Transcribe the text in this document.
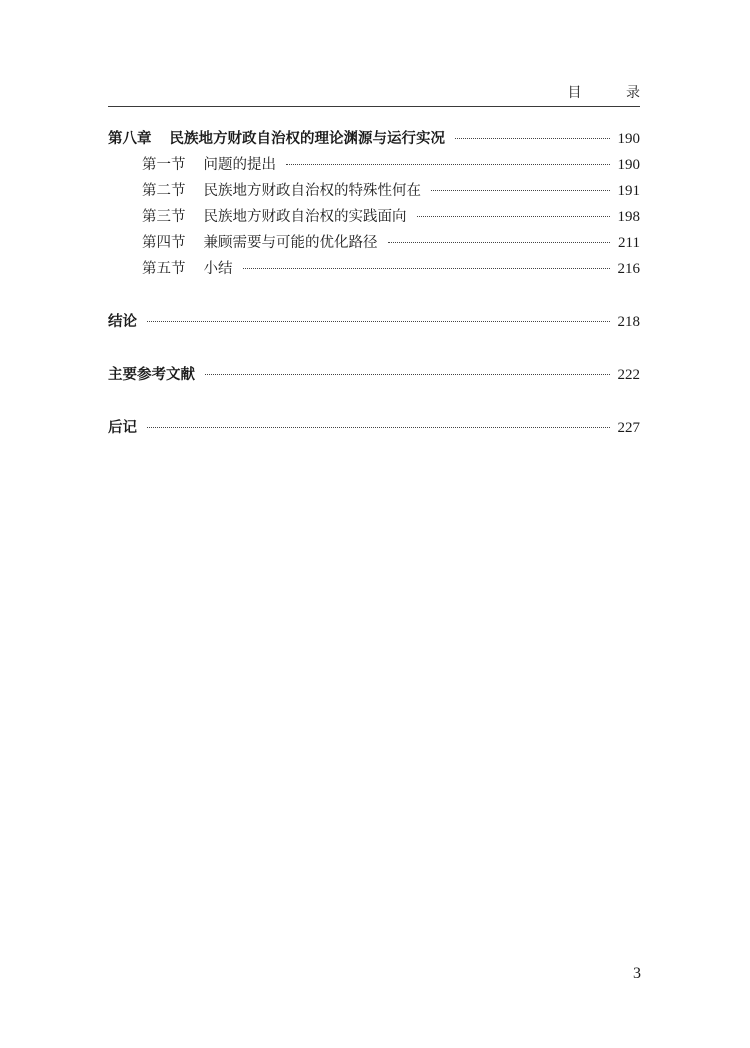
目 录
第八章 民族地方财政自治权的理论渊源与运行实况	190
第一节 问题的提出	190
第二节 民族地方财政自治权的特殊性何在	191
第三节 民族地方财政自治权的实践面向	198
第四节 兼顾需要与可能的优化路径	211
第五节 小结	216
结论	218
主要参考文献	222
后记	227
3
